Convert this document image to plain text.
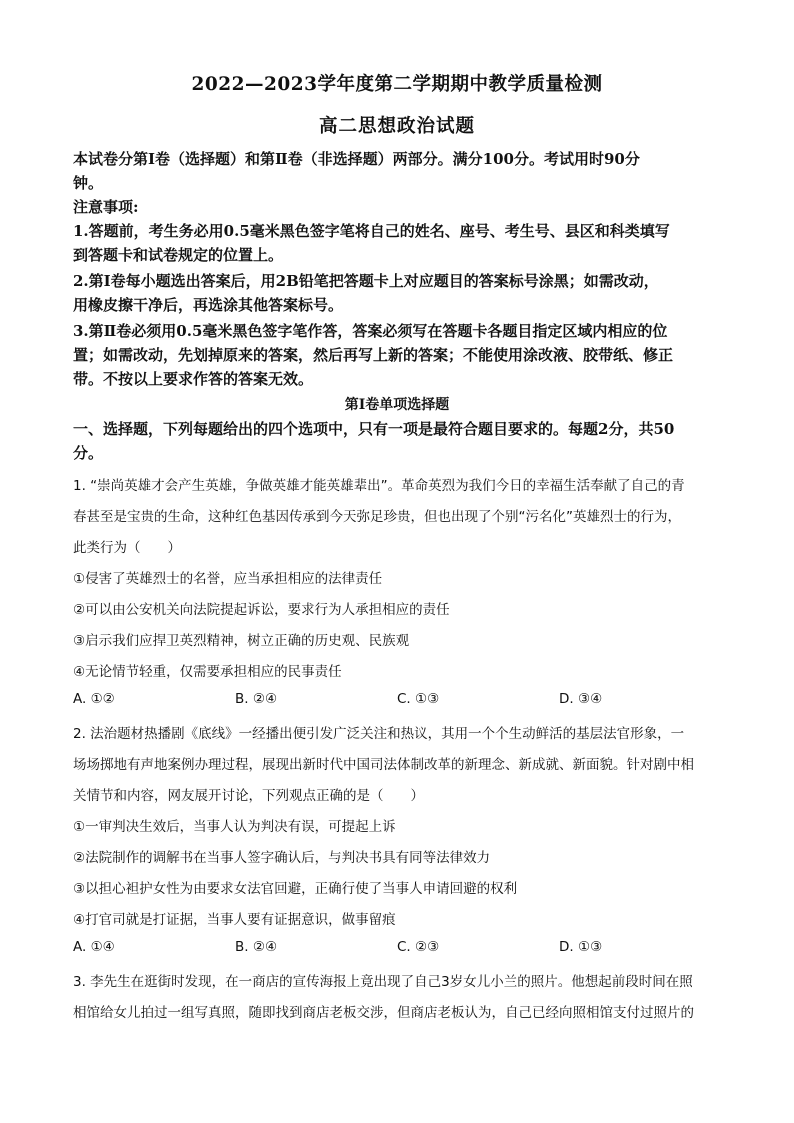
2022—2023学年度第二学期期中教学质量检测
高二思想政治试题
本试卷分第Ⅰ卷（选择题）和第Ⅱ卷（非选择题）两部分。满分100分。考试用时90分
钟。
注意事项:
1.答题前，考生务必用0.5毫米黑色签字笔将自己的姓名、座号、考生号、县区和科类填写
到答题卡和试卷规定的位置上。
2.第Ⅰ卷每小题选出答案后，用2B铅笔把答题卡上对应题目的答案标号涂黑；如需改动，
用橡皮擦干净后，再选涂其他答案标号。
3.第Ⅱ卷必须用0.5毫米黑色签字笔作答，答案必须写在答题卡各题目指定区域内相应的位
置；如需改动，先划掉原来的答案，然后再写上新的答案；不能使用涂改液、胶带纸、修正
带。不按以上要求作答的答案无效。
第Ⅰ卷单项选择题
一、选择题，下列每题给出的四个选项中，只有一项是最符合题目要求的。每题2分，共50
分。
1. “崇尚英雄才会产生英雄，争做英雄才能英雄辈出”。革命英烈为我们今日的幸福生活奉献了自己的青
春甚至是宝贵的生命，这种红色基因传承到今天弥足珍贵，但也出现了个别“污名化”英雄烈士的行为，
此类行为（　　）
①侵害了英雄烈士的名誉，应当承担相应的法律责任
②可以由公安机关向法院提起诉讼，要求行为人承担相应的责任
③启示我们应捍卫英烈精神，树立正确的历史观、民族观
④无论情节轻重，仅需要承担相应的民事责任
A. ①②	B. ②④	C. ①③	D. ③④
2. 法治题材热播剧《底线》一经播出便引发广泛关注和热议，其用一个个生动鲜活的基层法官形象，一
场场掷地有声地案例办理过程，展现出新时代中国司法体制改革的新理念、新成就、新面貌。针对剧中相
关情节和内容，网友展开讨论，下列观点正确的是（　　）
①一审判决生效后，当事人认为判决有误，可提起上诉
②法院制作的调解书在当事人签字确认后，与判决书具有同等法律效力
③以担心袒护女性为由要求女法官回避，正确行使了当事人申请回避的权利
④打官司就是打证据，当事人要有证据意识，做事留痕
A. ①④	B. ②④	C. ②③	D. ①③
3. 李先生在逛街时发现，在一商店的宣传海报上竟出现了自己3岁女儿小兰的照片。他想起前段时间在照
相馆给女儿拍过一组写真照，随即找到商店老板交涉，但商店老板认为，自己已经向照相馆支付过照片的
